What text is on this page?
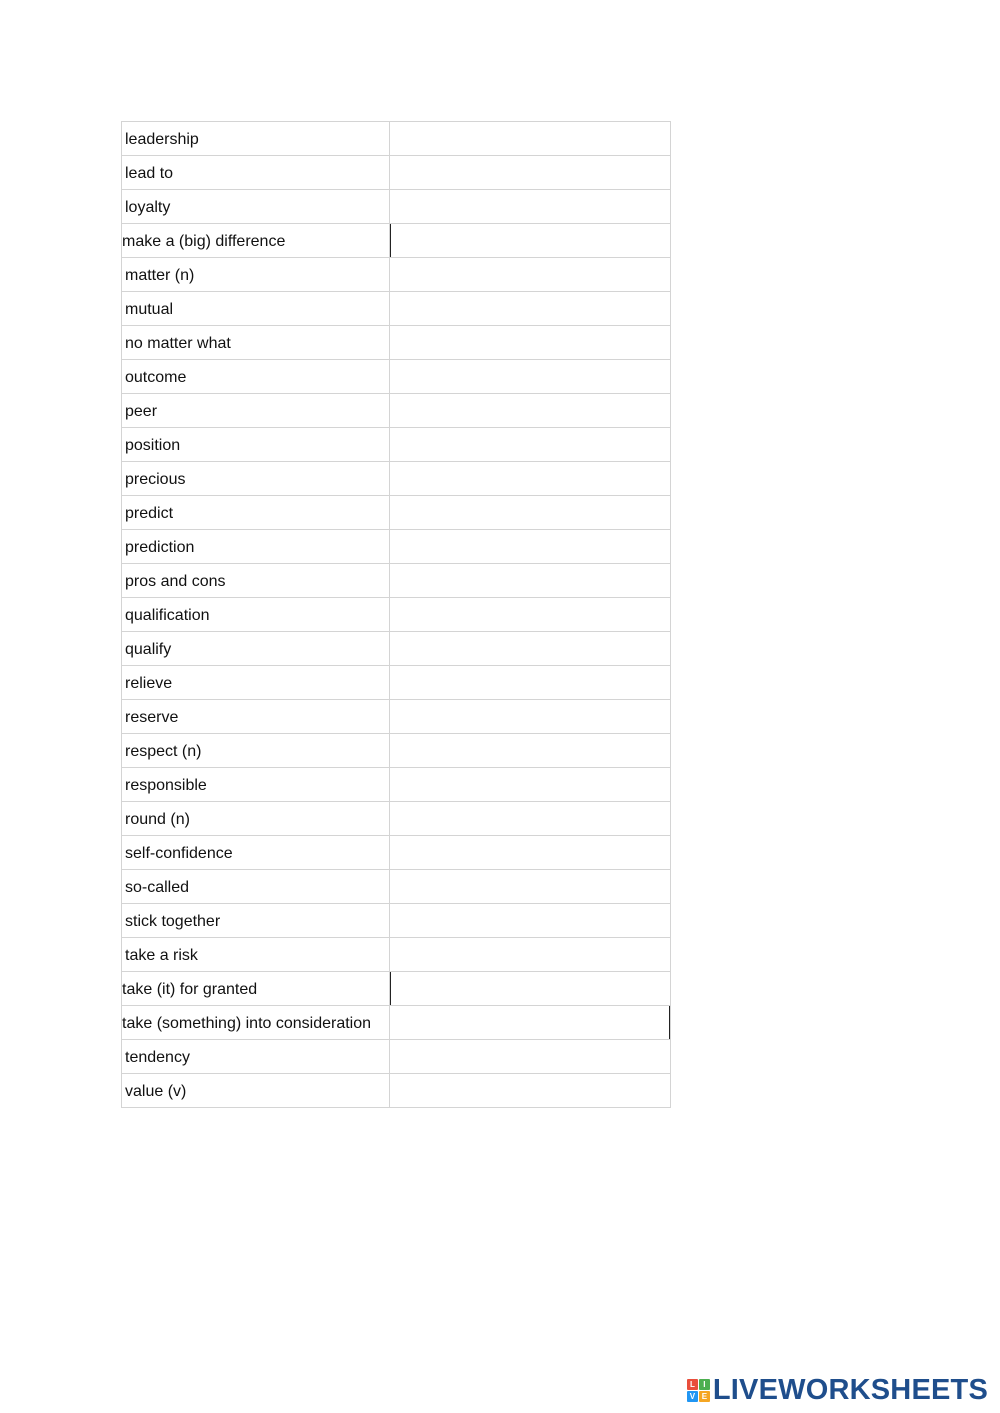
leadership	

lead to	

loyalty	

make a (big) difference	

matter (n)	

mutual	

no matter what	

outcome	

peer	

position	

precious	

predict	

prediction	

pros and cons	

qualification	

qualify	

relieve	

reserve	

respect (n)	

responsible	

round (n)	

self-confidence	

so-called	

stick together	

take a risk	

take (it) for granted	

take (something) into consideration	

tendency	

value (v)	
L	I
V E LIVEWORKSHEETS
